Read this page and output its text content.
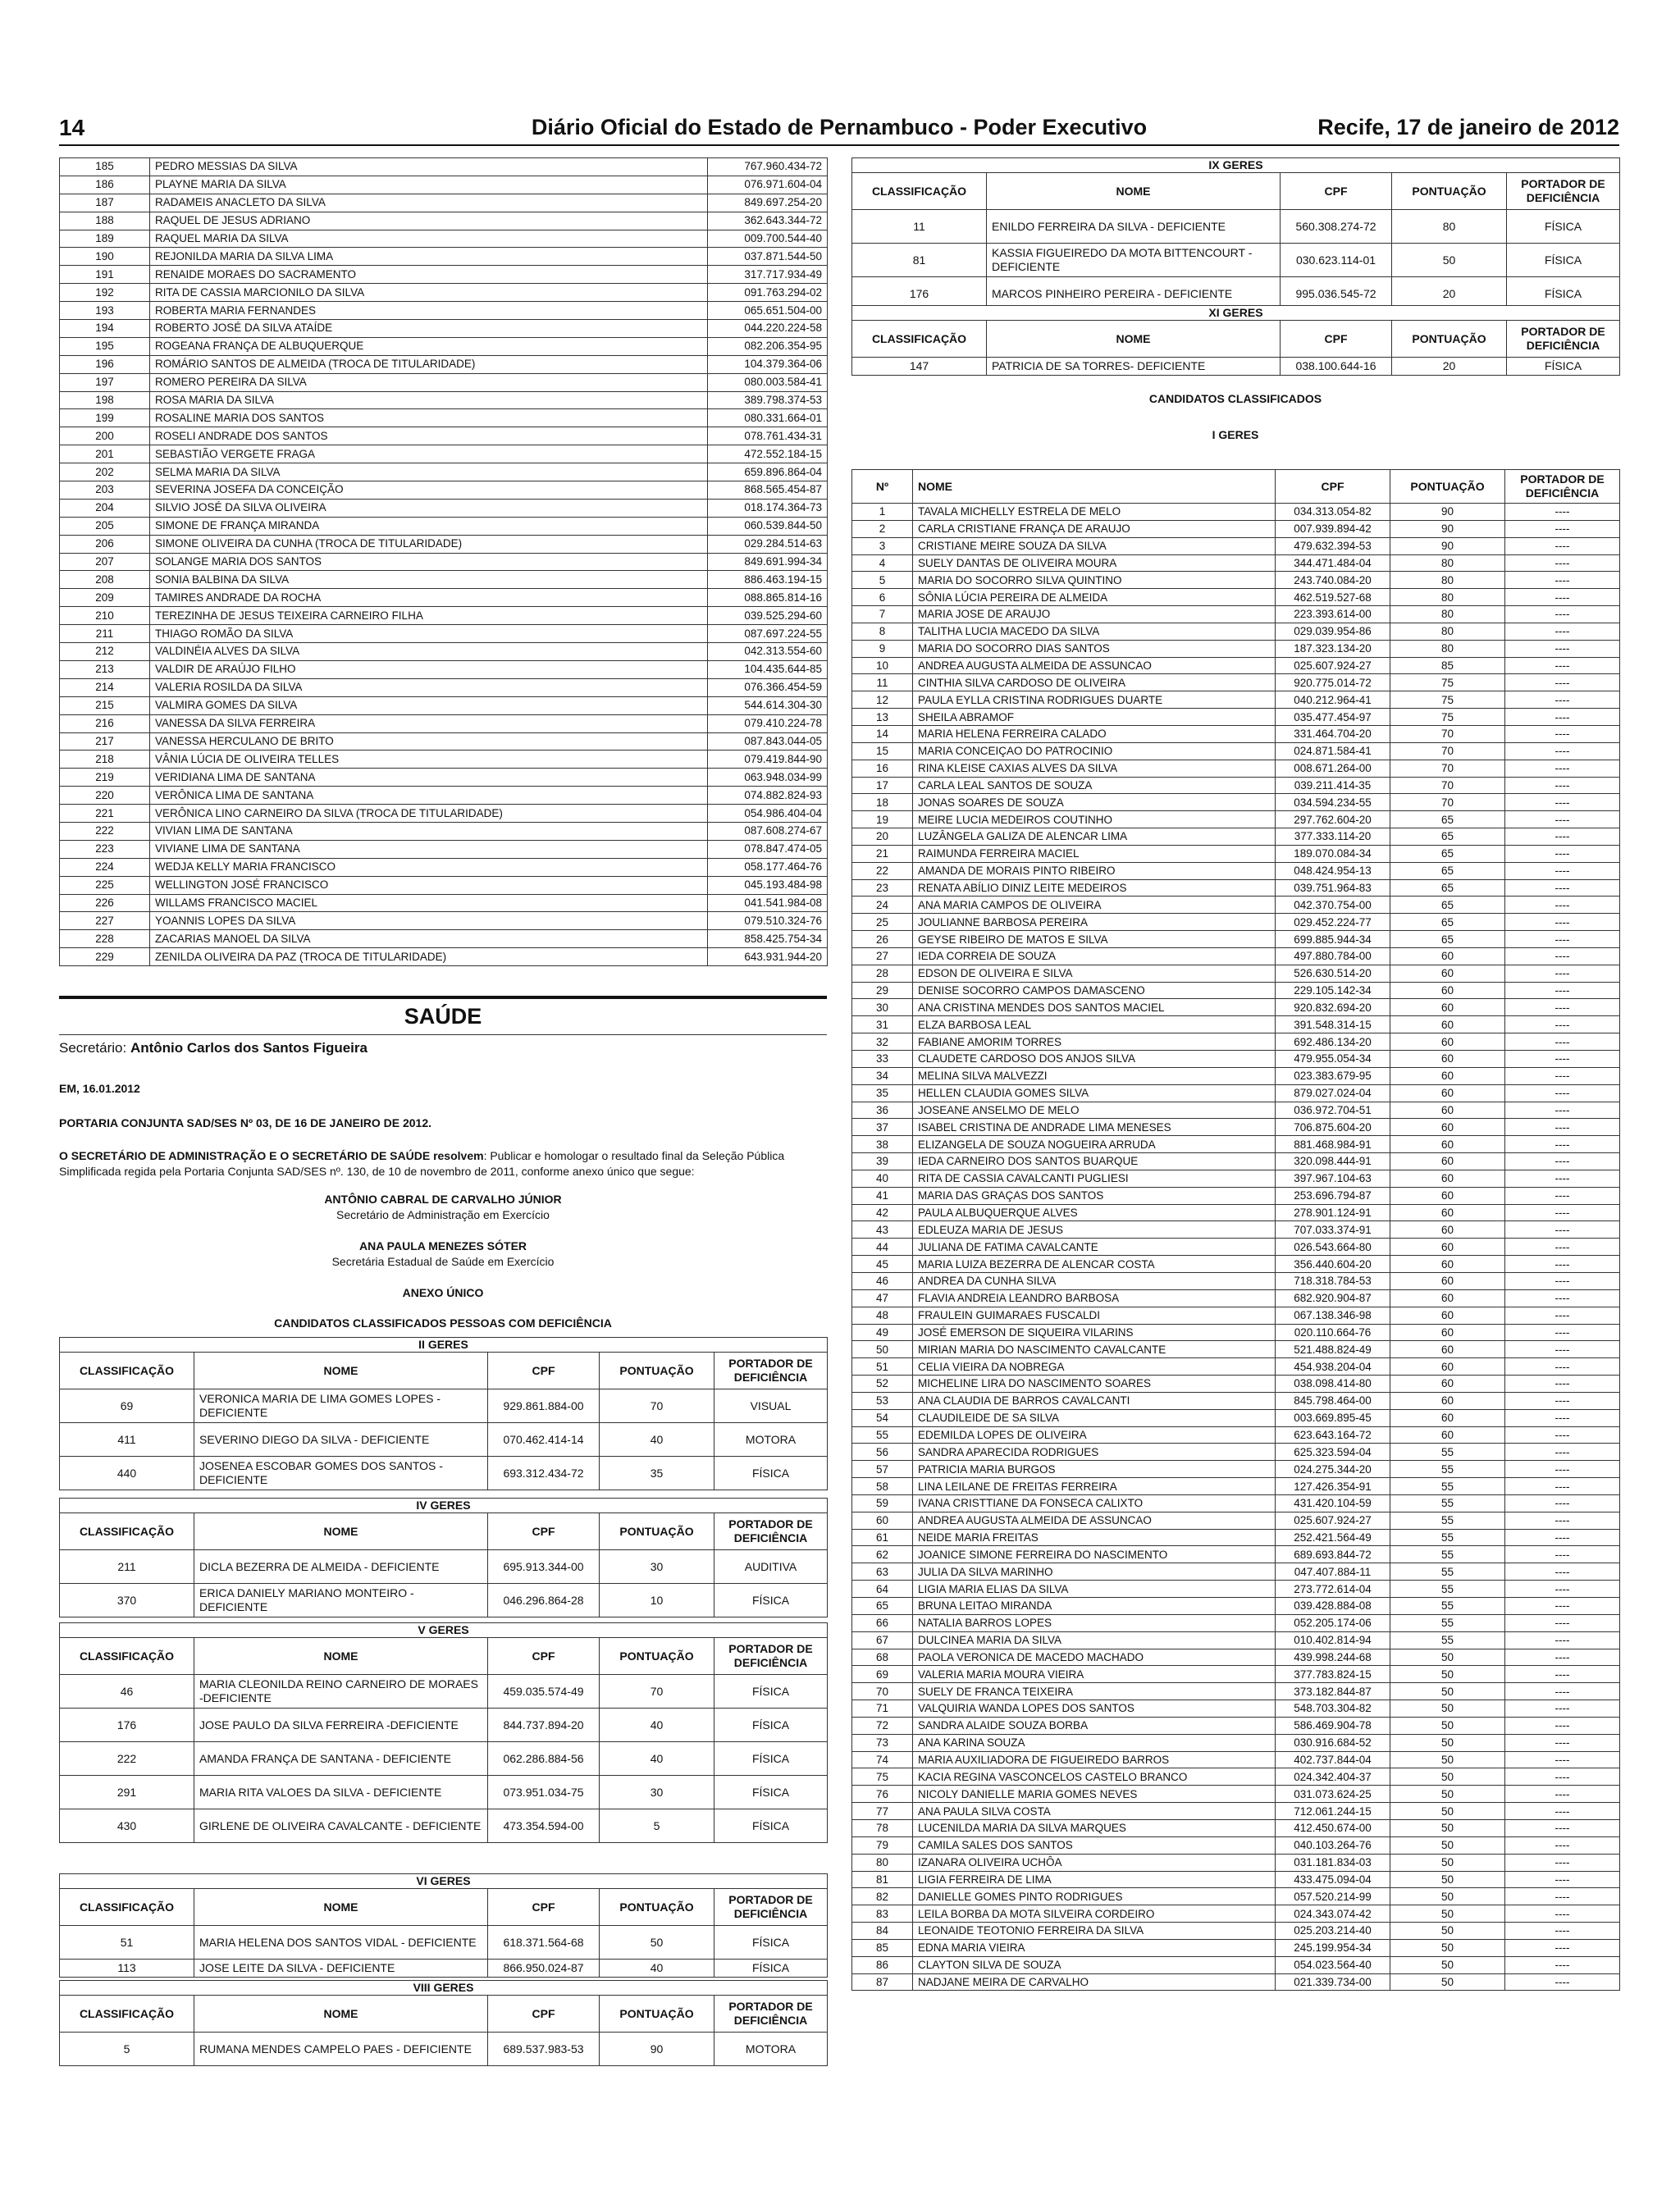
14	Diário Oficial do Estado de Pernambuco - Poder Executivo	Recife, 17 de janeiro de 2012
185	PEDRO MESSIAS DA SILVA	767.960.434-72
186	PLAYNE MARIA DA SILVA	076.971.604-04
187	RADAMEIS ANACLETO DA SILVA	849.697.254-20
188	RAQUEL DE JESUS ADRIANO	362.643.344-72
189	RAQUEL MARIA DA SILVA	009.700.544-40
190	REJONILDA MARIA DA SILVA LIMA	037.871.544-50
191	RENAIDE MORAES DO SACRAMENTO	317.717.934-49
192	RITA DE CASSIA MARCIONILO DA SILVA	091.763.294-02
193	ROBERTA MARIA FERNANDES	065.651.504-00
194	ROBERTO JOSÉ DA SILVA ATAÍDE	044.220.224-58
195	ROGEANA FRANÇA DE ALBUQUERQUE	082.206.354-95
196	ROMÁRIO SANTOS DE ALMEIDA (TROCA DE TITULARIDADE)	104.379.364-06
197	ROMERO PEREIRA DA SILVA	080.003.584-41
198	ROSA MARIA DA SILVA	389.798.374-53
199	ROSALINE MARIA DOS SANTOS	080.331.664-01
200	ROSELI ANDRADE DOS SANTOS	078.761.434-31
201	SEBASTIÃO VERGETE FRAGA	472.552.184-15
202	SELMA MARIA DA SILVA	659.896.864-04
203	SEVERINA JOSEFA DA CONCEIÇÃO	868.565.454-87
204	SILVIO JOSÉ DA SILVA OLIVEIRA	018.174.364-73
205	SIMONE DE FRANÇA MIRANDA	060.539.844-50
206	SIMONE OLIVEIRA DA CUNHA (TROCA DE TITULARIDADE)	029.284.514-63
207	SOLANGE MARIA DOS SANTOS	849.691.994-34
208	SONIA BALBINA DA SILVA	886.463.194-15
209	TAMIRES ANDRADE DA ROCHA	088.865.814-16
210	TEREZINHA DE JESUS TEIXEIRA CARNEIRO FILHA	039.525.294-60
211	THIAGO ROMÃO DA SILVA	087.697.224-55
212	VALDINÉIA ALVES DA SILVA	042.313.554-60
213	VALDIR DE ARAÚJO FILHO	104.435.644-85
214	VALERIA ROSILDA DA SILVA	076.366.454-59
215	VALMIRA GOMES DA SILVA	544.614.304-30
216	VANESSA DA SILVA FERREIRA	079.410.224-78
217	VANESSA HERCULANO DE BRITO	087.843.044-05
218	VÂNIA LÚCIA DE OLIVEIRA TELLES	079.419.844-90
219	VERIDIANA LIMA DE SANTANA	063.948.034-99
220	VERÔNICA LIMA DE SANTANA	074.882.824-93
221	VERÔNICA LINO CARNEIRO DA SILVA (TROCA DE TITULARIDADE)	054.986.404-04
222	VIVIAN LIMA DE SANTANA	087.608.274-67
223	VIVIANE LIMA DE SANTANA	078.847.474-05
224	WEDJA KELLY MARIA FRANCISCO	058.177.464-76
225	WELLINGTON JOSÉ FRANCISCO	045.193.484-98
226	WILLAMS FRANCISCO MACIEL	041.541.984-08
227	YOANNIS LOPES DA SILVA	079.510.324-76
228	ZACARIAS MANOEL DA SILVA	858.425.754-34
229	ZENILDA OLIVEIRA DA PAZ (TROCA DE TITULARIDADE)	643.931.944-20
SAÚDE
Secretário: Antônio Carlos dos Santos Figueira
EM, 16.01.2012
PORTARIA CONJUNTA SAD/SES Nº 03, DE 16 DE JANEIRO DE 2012.
O SECRETÁRIO DE ADMINISTRAÇÃO E O SECRETÁRIO DE SAÚDE resolvem: Publicar e homologar o resultado final da Seleção Pública Simplificada regida pela Portaria Conjunta SAD/SES nº. 130, de 10 de novembro de 2011, conforme anexo único que segue:
ANTÔNIO CABRAL DE CARVALHO JÚNIOR
Secretário de Administração em Exercício
ANA PAULA MENEZES SÓTER
Secretária Estadual de Saúde em Exercício
ANEXO ÚNICO
CANDIDATOS CLASSIFICADOS PESSOAS COM DEFICIÊNCIA
II GERES				
CLASSIFICAÇÃO	NOME	CPF	PONTUAÇÃO	PORTADOR DE DEFICIÊNCIA
69	VERONICA MARIA DE LIMA GOMES LOPES - DEFICIENTE	929.861.884-00	70	VISUAL
411	SEVERINO DIEGO DA SILVA - DEFICIENTE	070.462.414-14	40	MOTORA
440	JOSENEA ESCOBAR GOMES DOS SANTOS - DEFICIENTE	693.312.434-72	35	FÍSICA
IV GERES				
CLASSIFICAÇÃO	NOME	CPF	PONTUAÇÃO	PORTADOR DE DEFICIÊNCIA
211	DICLA BEZERRA DE ALMEIDA - DEFICIENTE	695.913.344-00	30	AUDITIVA
370	ERICA DANIELY MARIANO MONTEIRO - DEFICIENTE	046.296.864-28	10	FÍSICA
V GERES				
CLASSIFICAÇÃO	NOME	CPF	PONTUAÇÃO	PORTADOR DE DEFICIÊNCIA
46	MARIA CLEONILDA REINO CARNEIRO DE MORAES -DEFICIENTE	459.035.574-49	70	FÍSICA
176	JOSE PAULO DA SILVA FERREIRA -DEFICIENTE	844.737.894-20	40	FÍSICA
222	AMANDA FRANÇA DE SANTANA - DEFICIENTE	062.286.884-56	40	FÍSICA
291	MARIA RITA VALOES DA SILVA - DEFICIENTE	073.951.034-75	30	FÍSICA
430	GIRLENE DE OLIVEIRA CAVALCANTE - DEFICIENTE	473.354.594-00	5	FÍSICA
VI GERES				
CLASSIFICAÇÃO	NOME	CPF	PONTUAÇÃO	PORTADOR DE DEFICIÊNCIA
51	MARIA HELENA DOS SANTOS VIDAL - DEFICIENTE	618.371.564-68	50	FÍSICA
113	JOSE LEITE DA SILVA - DEFICIENTE	866.950.024-87	40	FÍSICA
VIII GERES				
CLASSIFICAÇÃO	NOME	CPF	PONTUAÇÃO	PORTADOR DE DEFICIÊNCIA
5	RUMANA MENDES CAMPELO PAES - DEFICIENTE	689.537.983-53	90	MOTORA
IX GERES				
CLASSIFICAÇÃO	NOME	CPF	PONTUAÇÃO	PORTADOR DE DEFICIÊNCIA
11	ENILDO FERREIRA DA SILVA - DEFICIENTE	560.308.274-72	80	FÍSICA
81	KASSIA FIGUEIREDO DA MOTA BITTENCOURT - DEFICIENTE	030.623.114-01	50	FÍSICA
176	MARCOS PINHEIRO PEREIRA - DEFICIENTE	995.036.545-72	20	FÍSICA
XI GERES				
CLASSIFICAÇÃO	NOME	CPF	PONTUAÇÃO	PORTADOR DE DEFICIÊNCIA
147	PATRICIA DE SA TORRES- DEFICIENTE	038.100.644-16	20	FÍSICA
CANDIDATOS CLASSIFICADOS
I GERES
Nº	NOME	CPF	PONTUAÇÃO	PORTADOR DE DEFICIÊNCIA
1	TAVALA MICHELLY ESTRELA DE MELO	034.313.054-82	90	----
2	CARLA CRISTIANE FRANÇA DE ARAUJO	007.939.894-42	90	----
3	CRISTIANE MEIRE SOUZA DA SILVA	479.632.394-53	90	----
4	SUELY DANTAS DE OLIVEIRA MOURA	344.471.484-04	80	----
5	MARIA DO SOCORRO SILVA QUINTINO	243.740.084-20	80	----
6	SÔNIA LÚCIA PEREIRA DE ALMEIDA	462.519.527-68	80	----
7	MARIA JOSE DE ARAUJO	223.393.614-00	80	----
8	TALITHA LUCIA MACEDO DA SILVA	029.039.954-86	80	----
9	MARIA DO SOCORRO DIAS SANTOS	187.323.134-20	80	----
10	ANDREA AUGUSTA ALMEIDA DE ASSUNCAO	025.607.924-27	85	----
11	CINTHIA SILVA CARDOSO DE OLIVEIRA	920.775.014-72	75	----
12	PAULA EYLLA CRISTINA RODRIGUES DUARTE	040.212.964-41	75	----
13	SHEILA ABRAMOF	035.477.454-97	75	----
14	MARIA HELENA FERREIRA CALADO	331.464.704-20	70	----
15	MARIA CONCEIÇAO DO PATROCINIO	024.871.584-41	70	----
16	RINA KLEISE CAXIAS ALVES DA SILVA	008.671.264-00	70	----
17	CARLA LEAL SANTOS DE SOUZA	039.211.414-35	70	----
18	JONAS SOARES DE SOUZA	034.594.234-55	70	----
19	MEIRE LUCIA MEDEIROS COUTINHO	297.762.604-20	65	----
20	LUZÂNGELA GALIZA DE ALENCAR LIMA	377.333.114-20	65	----
21	RAIMUNDA FERREIRA MACIEL	189.070.084-34	65	----
22	AMANDA DE MORAIS PINTO RIBEIRO	048.424.954-13	65	----
23	RENATA ABÍLIO DINIZ LEITE MEDEIROS	039.751.964-83	65	----
24	ANA MARIA CAMPOS DE OLIVEIRA	042.370.754-00	65	----
25	JOULIANNE BARBOSA PEREIRA	029.452.224-77	65	----
26	GEYSE RIBEIRO DE MATOS E SILVA	699.885.944-34	65	----
27	IEDA CORREIA DE SOUZA	497.880.784-00	60	----
28	EDSON DE OLIVEIRA E SILVA	526.630.514-20	60	----
29	DENISE SOCORRO CAMPOS DAMASCENO	229.105.142-34	60	----
30	ANA CRISTINA MENDES DOS SANTOS MACIEL	920.832.694-20	60	----
31	ELZA BARBOSA LEAL	391.548.314-15	60	----
32	FABIANE AMORIM TORRES	692.486.134-20	60	----
33	CLAUDETE CARDOSO DOS ANJOS SILVA	479.955.054-34	60	----
34	MELINA SILVA MALVEZZI	023.383.679-95	60	----
35	HELLEN CLAUDIA GOMES SILVA	879.027.024-04	60	----
36	JOSEANE ANSELMO DE MELO	036.972.704-51	60	----
37	ISABEL CRISTINA DE ANDRADE LIMA MENESES	706.875.604-20	60	----
38	ELIZANGELA DE SOUZA NOGUEIRA ARRUDA	881.468.984-91	60	----
39	IEDA CARNEIRO DOS SANTOS BUARQUE	320.098.444-91	60	----
40	RITA DE CASSIA CAVALCANTI PUGLIESI	397.967.104-63	60	----
41	MARIA DAS GRAÇAS DOS SANTOS	253.696.794-87	60	----
42	PAULA ALBUQUERQUE ALVES	278.901.124-91	60	----
43	EDLEUZA MARIA DE JESUS	707.033.374-91	60	----
44	JULIANA DE FATIMA CAVALCANTE	026.543.664-80	60	----
45	MARIA LUIZA BEZERRA DE ALENCAR COSTA	356.440.604-20	60	----
46	ANDREA DA CUNHA SILVA	718.318.784-53	60	----
47	FLAVIA ANDREIA LEANDRO BARBOSA	682.920.904-87	60	----
48	FRAULEIN GUIMARAES FUSCALDI	067.138.346-98	60	----
49	JOSÉ EMERSON DE SIQUEIRA VILARINS	020.110.664-76	60	----
50	MIRIAN MARIA DO NASCIMENTO CAVALCANTE	521.488.824-49	60	----
51	CELIA VIEIRA DA NOBREGA	454.938.204-04	60	----
52	MICHELINE LIRA DO NASCIMENTO SOARES	038.098.414-80	60	----
53	ANA CLAUDIA DE BARROS CAVALCANTI	845.798.464-00	60	----
54	CLAUDILEIDE DE SA SILVA	003.669.895-45	60	----
55	EDEMILDA LOPES DE OLIVEIRA	623.643.164-72	60	----
56	SANDRA APARECIDA RODRIGUES	625.323.594-04	55	----
57	PATRICIA MARIA BURGOS	024.275.344-20	55	----
58	LINA LEILANE DE FREITAS FERREIRA	127.426.354-91	55	----
59	IVANA CRISTTIANE DA FONSECA CALIXTO	431.420.104-59	55	----
60	ANDREA AUGUSTA ALMEIDA DE ASSUNCAO	025.607.924-27	55	----
61	NEIDE MARIA FREITAS	252.421.564-49	55	----
62	JOANICE SIMONE FERREIRA DO NASCIMENTO	689.693.844-72	55	----
63	JULIA DA SILVA MARINHO	047.407.884-11	55	----
64	LIGIA MARIA ELIAS DA SILVA	273.772.614-04	55	----
65	BRUNA LEITAO MIRANDA	039.428.884-08	55	----
66	NATALIA BARROS LOPES	052.205.174-06	55	----
67	DULCINEA MARIA DA SILVA	010.402.814-94	55	----
68	PAOLA VERONICA DE MACEDO MACHADO	439.998.244-68	50	----
69	VALERIA MARIA MOURA VIEIRA	377.783.824-15	50	----
70	SUELY DE FRANCA TEIXEIRA	373.182.844-87	50	----
71	VALQUIRIA WANDA LOPES DOS SANTOS	548.703.304-82	50	----
72	SANDRA ALAIDE SOUZA BORBA	586.469.904-78	50	----
73	ANA KARINA SOUZA	030.916.684-52	50	----
74	MARIA AUXILIADORA DE FIGUEIREDO BARROS	402.737.844-04	50	----
75	KACIA REGINA VASCONCELOS CASTELO BRANCO	024.342.404-37	50	----
76	NICOLY DANIELLE MARIA GOMES NEVES	031.073.624-25	50	----
77	ANA PAULA SILVA COSTA	712.061.244-15	50	----
78	LUCENILDA MARIA DA SILVA MARQUES	412.450.674-00	50	----
79	CAMILA SALES DOS SANTOS	040.103.264-76	50	----
80	IZANARA OLIVEIRA UCHÔA	031.181.834-03	50	----
81	LIGIA FERREIRA DE LIMA	433.475.094-04	50	----
82	DANIELLE GOMES PINTO RODRIGUES	057.520.214-99	50	----
83	LEILA BORBA DA MOTA SILVEIRA CORDEIRO	024.343.074-42	50	----
84	LEONAIDE TEOTONIO FERREIRA DA SILVA	025.203.214-40	50	----
85	EDNA MARIA VIEIRA	245.199.954-34	50	----
86	CLAYTON SILVA DE SOUZA	054.023.564-40	50	----
87	NADJANE MEIRA DE CARVALHO	021.339.734-00	50	----
